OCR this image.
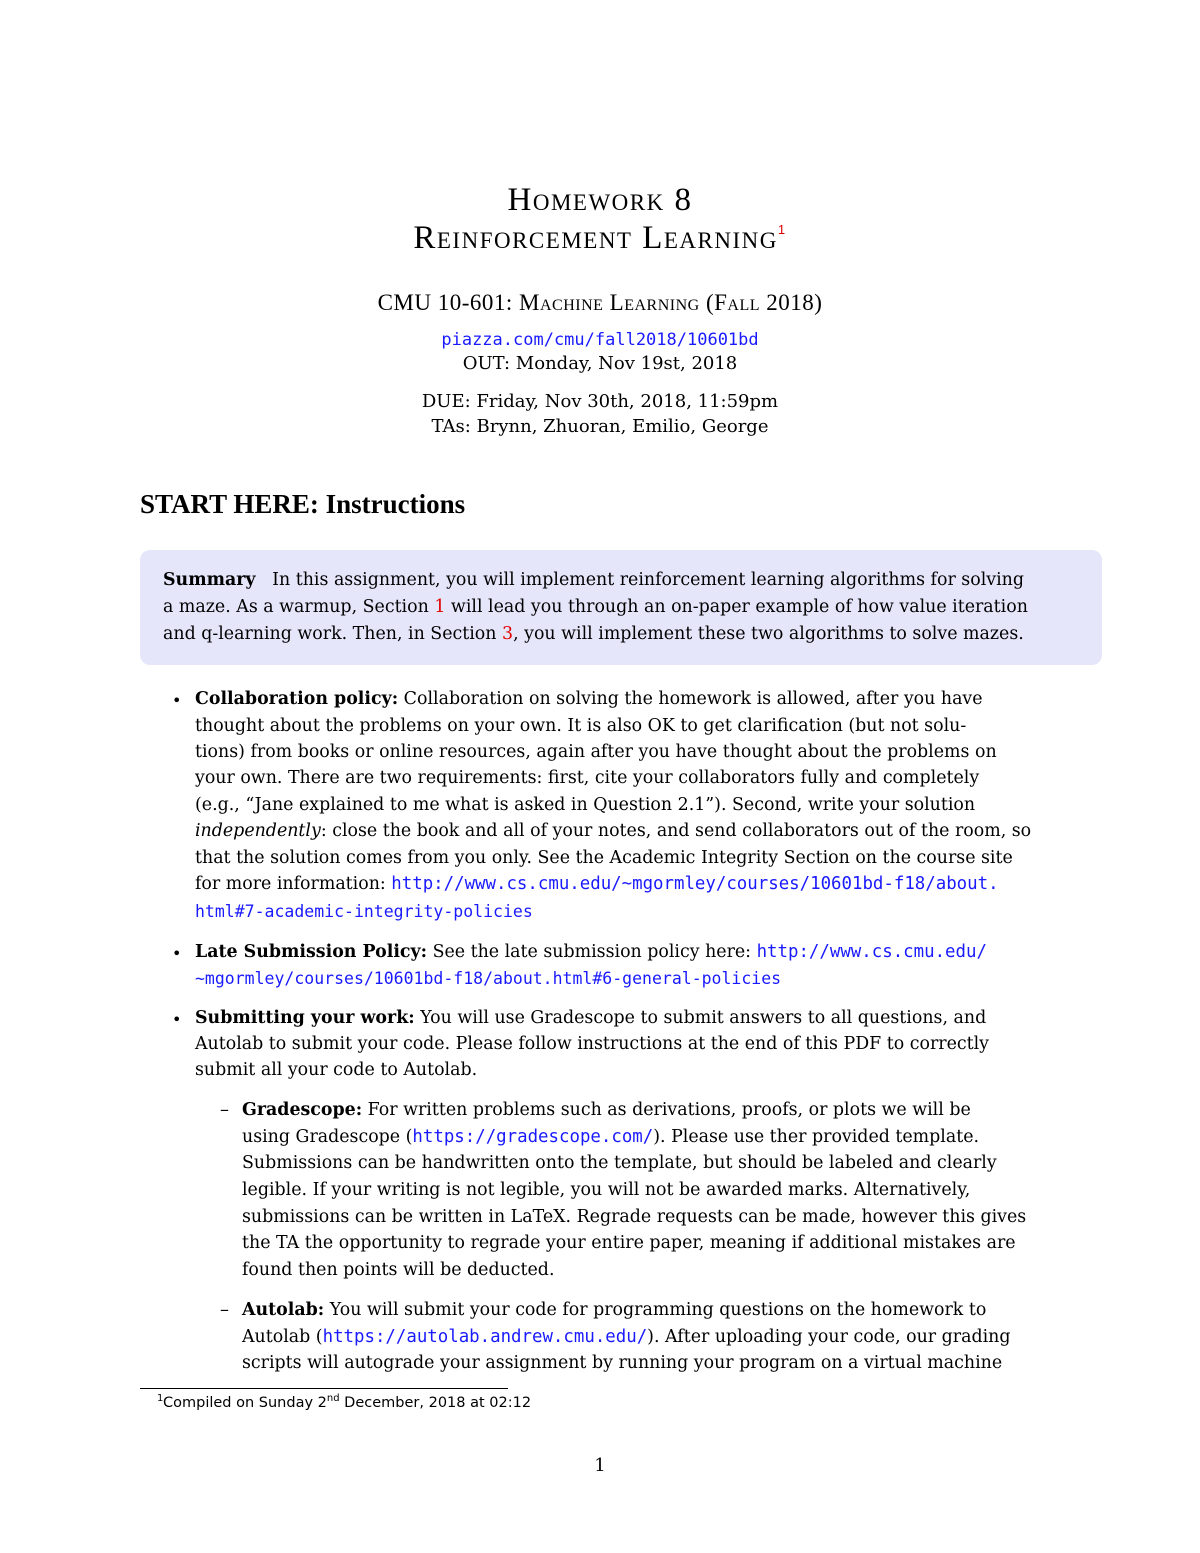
Homework 8
Reinforcement Learning$^1$
CMU 10-601: Machine Learning (Fall 2018)
piazza.com/cmu/fall2018/10601bd
OUT: Monday, Nov 19st, 2018
DUE: Friday, Nov 30th, 2018, 11:59pm
TAs: Brynn, Zhuoran, Emilio, George
START HERE: Instructions
Summary In this assignment, you will implement reinforcement learning algorithms for solving
a maze. As a warmup, Section 1 will lead you through an on-paper example of how value iteration
and q-learning work. Then, in Section 3, you will implement these two algorithms to solve mazes.
• Collaboration policy: Collaboration on solving the homework is allowed, after you have
thought about the problems on your own. It is also OK to get clarification (but not solu-
tions) from books or online resources, again after you have thought about the problems on
your own. There are two requirements: first, cite your collaborators fully and completely
(e.g., “Jane explained to me what is asked in Question 2.1”). Second, write your solution
independently: close the book and all of your notes, and send collaborators out of the room, so
that the solution comes from you only. See the Academic Integrity Section on the course site
for more information: http://www.cs.cmu.edu/~mgormley/courses/10601bd-f18/about.
html#7-academic-integrity-policies
• Late Submission Policy: See the late submission policy here: http://www.cs.cmu.edu/
~mgormley/courses/10601bd-f18/about.html#6-general-policies
• Submitting your work: You will use Gradescope to submit answers to all questions, and
Autolab to submit your code. Please follow instructions at the end of this PDF to correctly
submit all your code to Autolab.
– Gradescope: For written problems such as derivations, proofs, or plots we will be
using Gradescope (https://gradescope.com/). Please use ther provided template.
Submissions can be handwritten onto the template, but should be labeled and clearly
legible. If your writing is not legible, you will not be awarded marks. Alternatively,
submissions can be written in LaTeX. Regrade requests can be made, however this gives
the TA the opportunity to regrade your entire paper, meaning if additional mistakes are
found then points will be deducted.
– Autolab: You will submit your code for programming questions on the homework to
Autolab (https://autolab.andrew.cmu.edu/). After uploading your code, our grading
scripts will autograde your assignment by running your program on a virtual machine
1 Compiled on Sunday 2nd December, 2018 at 02:12
1
